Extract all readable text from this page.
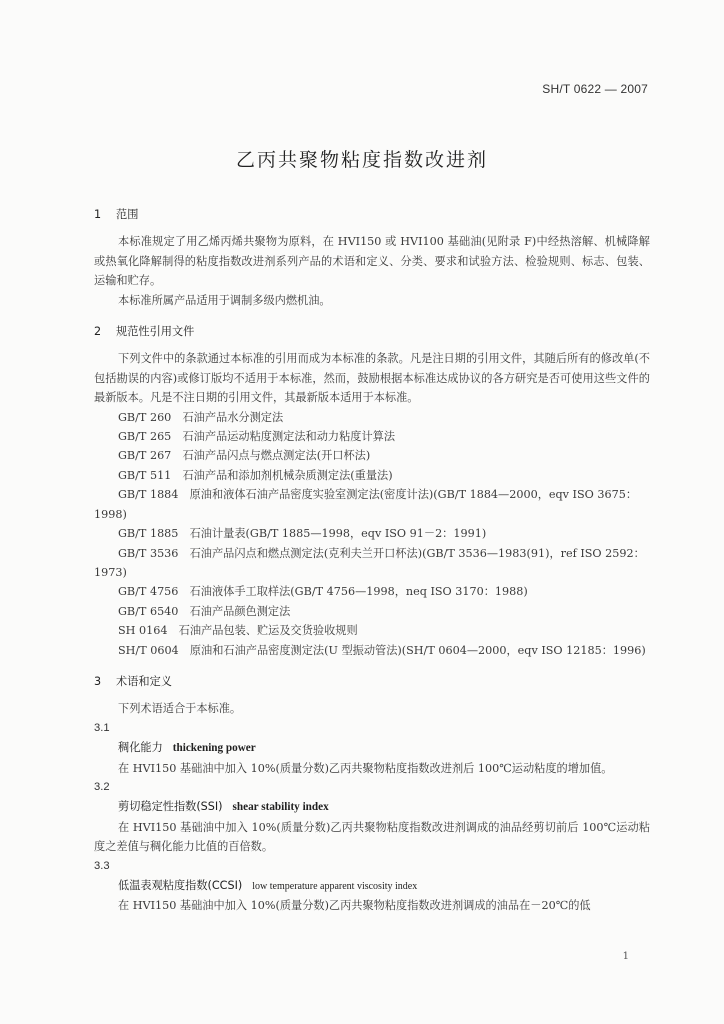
SH/T 0622 — 2007
乙丙共聚物粘度指数改进剂

1 范围

本标准规定了用乙烯丙烯共聚物为原料，在 HVI150 或 HVI100 基础油(见附录 F)中经热溶解、机械降解或热氧化降解制得的粘度指数改进剂系列产品的术语和定义、分类、要求和试验方法、检验规则、标志、包装、运输和贮存。

本标准所属产品适用于调制多级内燃机油。

2 规范性引用文件

下列文件中的条款通过本标准的引用而成为本标准的条款。凡是注日期的引用文件，其随后所有的修改单(不包括勘误的内容)或修订版均不适用于本标准，然而，鼓励根据本标准达成协议的各方研究是否可使用这些文件的最新版本。凡是不注日期的引用文件，其最新版本适用于本标准。

GB/T 260　石油产品水分测定法

GB/T 265　石油产品运动粘度测定法和动力粘度计算法

GB/T 267　石油产品闪点与燃点测定法(开口杯法)

GB/T 511　石油产品和添加剂机械杂质测定法(重量法)

GB/T 1884　原油和液体石油产品密度实验室测定法(密度计法)(GB/T 1884—2000，eqv ISO 3675：1998)

GB/T 1885　石油计量表(GB/T 1885—1998，eqv ISO 91－2：1991)

GB/T 3536　石油产品闪点和燃点测定法(克利夫兰开口杯法)(GB/T 3536—1983(91)，ref ISO 2592：1973)

GB/T 4756　石油液体手工取样法(GB/T 4756—1998，neq ISO 3170：1988)

GB/T 6540　石油产品颜色测定法

SH 0164　石油产品包装、贮运及交货验收规则

SH/T 0604　原油和石油产品密度测定法(U 型振动管法)(SH/T 0604—2000，eqv ISO 12185：1996)

3 术语和定义

下列术语适合于本标准。

3.1

稠化能力 thickening power

在 HVI150 基础油中加入 10%(质量分数)乙丙共聚物粘度指数改进剂后 100℃运动粘度的增加值。

3.2

剪切稳定性指数(SSI) shear stability index

在 HVI150 基础油中加入 10%(质量分数)乙丙共聚物粘度指数改进剂调成的油品经剪切前后 100℃运动粘度之差值与稠化能力比值的百倍数。

3.3

低温表观粘度指数(CCSI) low temperature apparent viscosity index

在 HVI150 基础油中加入 10%(质量分数)乙丙共聚物粘度指数改进剂调成的油品在－20℃的低

1
